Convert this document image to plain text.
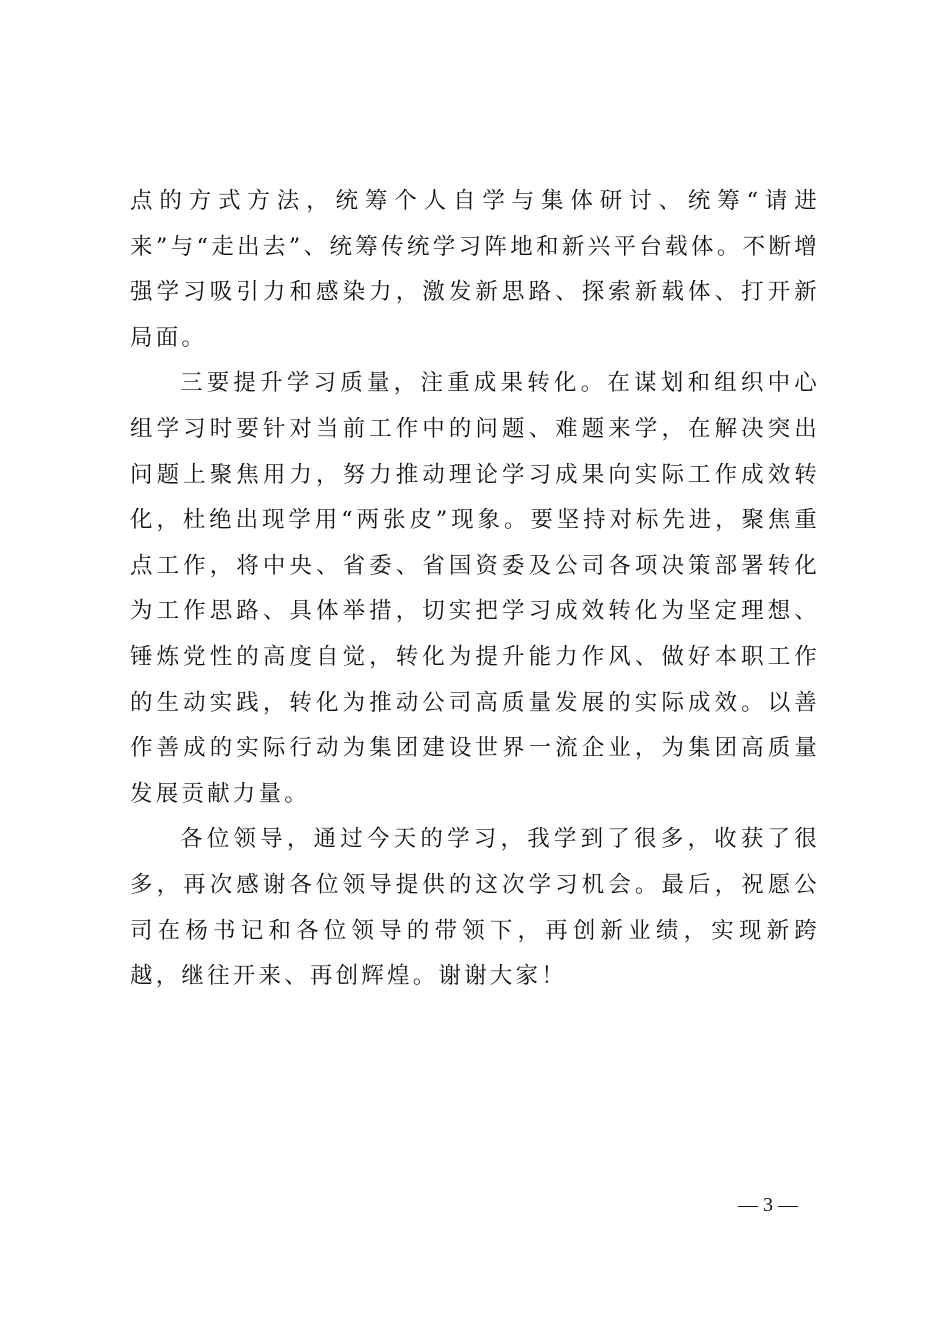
点的方式方法，统筹个人自学与集体研讨、统筹“请进来”与“走出去”、统筹传统学习阵地和新兴平台载体。不断增强学习吸引力和感染力，激发新思路、探索新载体、打开新局面。

三要提升学习质量，注重成果转化。在谋划和组织中心组学习时要针对当前工作中的问题、难题来学，在解决突出问题上聚焦用力，努力推动理论学习成果向实际工作成效转化，杜绝出现学用“两张皮”现象。要坚持对标先进，聚焦重点工作，将中央、省委、省国资委及公司各项决策部署转化为工作思路、具体举措，切实把学习成效转化为坚定理想、锤炼党性的高度自觉，转化为提升能力作风、做好本职工作的生动实践，转化为推动公司高质量发展的实际成效。以善作善成的实际行动为集团建设世界一流企业，为集团高质量发展贡献力量。

各位领导，通过今天的学习，我学到了很多，收获了很多，再次感谢各位领导提供的这次学习机会。最后，祝愿公司在杨书记和各位领导的带领下，再创新业绩，实现新跨越，继往开来、再创辉煌。谢谢大家！

— 3 —
